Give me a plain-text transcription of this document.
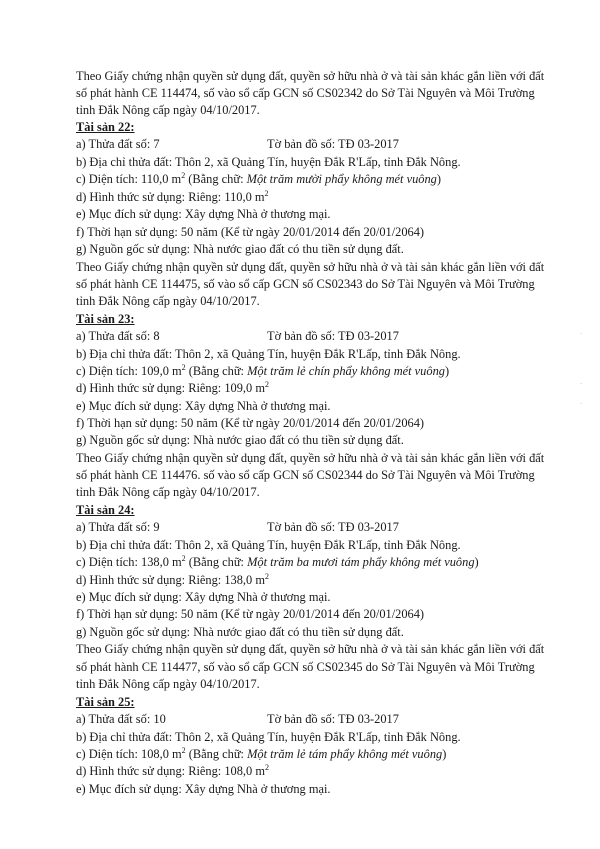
Theo Giấy chứng nhận quyền sử dụng đất, quyền sở hữu nhà ở và tài sản khác gắn liền với đất
số phát hành CE 114474, số vào sổ cấp GCN số CS02342 do Sở Tài Nguyên và Môi Trường
tỉnh Đắk Nông cấp ngày 04/10/2017.
Tài sản 22:
a) Thửa đất số: 7	Tờ bản đồ số: TĐ 03-2017
b) Địa chỉ thửa đất: Thôn 2, xã Quảng Tín, huyện Đắk R'Lấp, tỉnh Đắk Nông.
c) Diện tích: 110,0 $m^2$ (Bằng chữ: Một trăm mười phẩy không mét vuông)
d) Hình thức sử dụng: Riêng: 110,0 $m^2$
e) Mục đích sử dụng: Xây dựng Nhà ở thương mại.
f) Thời hạn sử dụng: 50 năm (Kể từ ngày 20/01/2014 đến 20/01/2064)
g) Nguồn gốc sử dụng: Nhà nước giao đất có thu tiền sử dụng đất.
Theo Giấy chứng nhận quyền sử dụng đất, quyền sở hữu nhà ở và tài sản khác gắn liền với đất
số phát hành CE 114475, số vào sổ cấp GCN số CS02343 do Sở Tài Nguyên và Môi Trường
tỉnh Đắk Nông cấp ngày 04/10/2017.
Tài sản 23:
a) Thửa đất số: 8	Tờ bản đồ số: TĐ 03-2017
b) Địa chỉ thửa đất: Thôn 2, xã Quảng Tín, huyện Đắk R'Lấp, tỉnh Đắk Nông.
c) Diện tích: 109,0 $m^2$ (Bằng chữ: Một trăm lẻ chín phẩy không mét vuông)
d) Hình thức sử dụng: Riêng: 109,0 $m^2$
e) Mục đích sử dụng: Xây dựng Nhà ở thương mại.
f) Thời hạn sử dụng: 50 năm (Kể từ ngày 20/01/2014 đến 20/01/2064)
g) Nguồn gốc sử dụng: Nhà nước giao đất có thu tiền sử dụng đất.
Theo Giấy chứng nhận quyền sử dụng đất, quyền sở hữu nhà ở và tài sản khác gắn liền với đất
số phát hành CE 114476. số vào sổ cấp GCN số CS02344 do Sở Tài Nguyên và Môi Trường
tỉnh Đắk Nông cấp ngày 04/10/2017.
Tài sản 24:
a) Thửa đất số: 9	Tờ bản đồ số: TĐ 03-2017
b) Địa chỉ thửa đất: Thôn 2, xã Quảng Tín, huyện Đắk R'Lấp, tỉnh Đắk Nông.
c) Diện tích: 138,0 $m^2$ (Bằng chữ: Một trăm ba mươi tám phẩy không mét vuông)
d) Hình thức sử dụng: Riêng: 138,0 $m^2$
e) Mục đích sử dụng: Xây dựng Nhà ở thương mại.
f) Thời hạn sử dụng: 50 năm (Kể từ ngày 20/01/2014 đến 20/01/2064)
g) Nguồn gốc sử dụng: Nhà nước giao đất có thu tiền sử dụng đất.
Theo Giấy chứng nhận quyền sử dụng đất, quyền sở hữu nhà ở và tài sản khác gắn liền với đất
số phát hành CE 114477, số vào sổ cấp GCN số CS02345 do Sở Tài Nguyên và Môi Trường
tỉnh Đắk Nông cấp ngày 04/10/2017.
Tài sản 25:
a) Thửa đất số: 10	Tờ bản đồ số: TĐ 03-2017
b) Địa chỉ thửa đất: Thôn 2, xã Quảng Tín, huyện Đắk R'Lấp, tỉnh Đắk Nông.
c) Diện tích: 108,0 $m^2$ (Bằng chữ: Một trăm lẻ tám phẩy không mét vuông)
d) Hình thức sử dụng: Riêng: 108,0 $m^2$
e) Mục đích sử dụng: Xây dựng Nhà ở thương mại.
·
·
·
